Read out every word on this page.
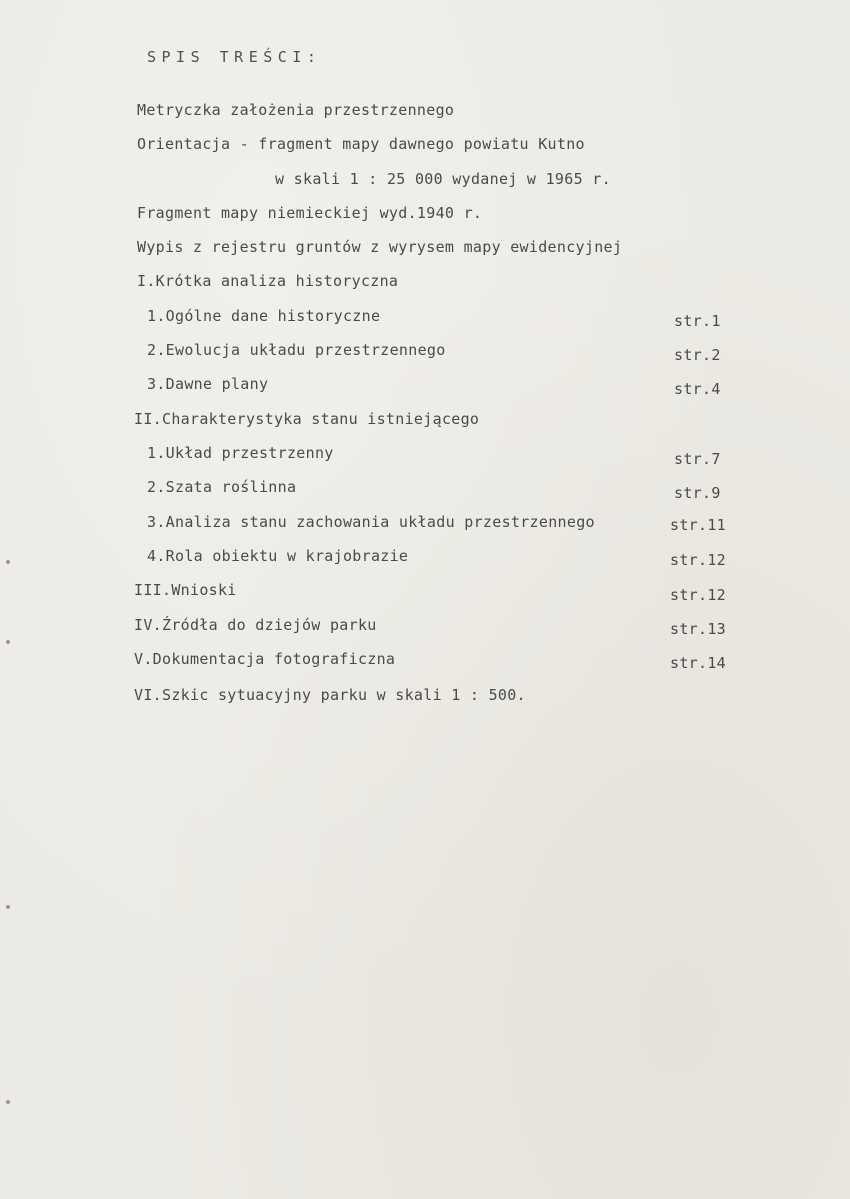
SPIS TREŚCI:
Metryczka założenia przestrzennego
Orientacja - fragment mapy dawnego powiatu Kutno
w skali 1 : 25 000 wydanej w 1965 r.
Fragment mapy niemieckiej wyd.1940 r.
Wypis z rejestru gruntów z wyrysem mapy ewidencyjnej
I.Krótka analiza historyczna
1.Ogólne dane historyczne	str.1
2.Ewolucja układu przestrzennego	str.2
3.Dawne plany	str.4
II.Charakterystyka stanu istniejącego
1.Układ przestrzenny	str.7
2.Szata roślinna	str.9
3.Analiza stanu zachowania układu przestrzennego	str.11
4.Rola obiektu w krajobrazie	str.12
III.Wnioski	str.12
IV.Źródła do dziejów parku	str.13
V.Dokumentacja fotograficzna	str.14
VI.Szkic sytuacyjny parku w skali 1 : 500.
